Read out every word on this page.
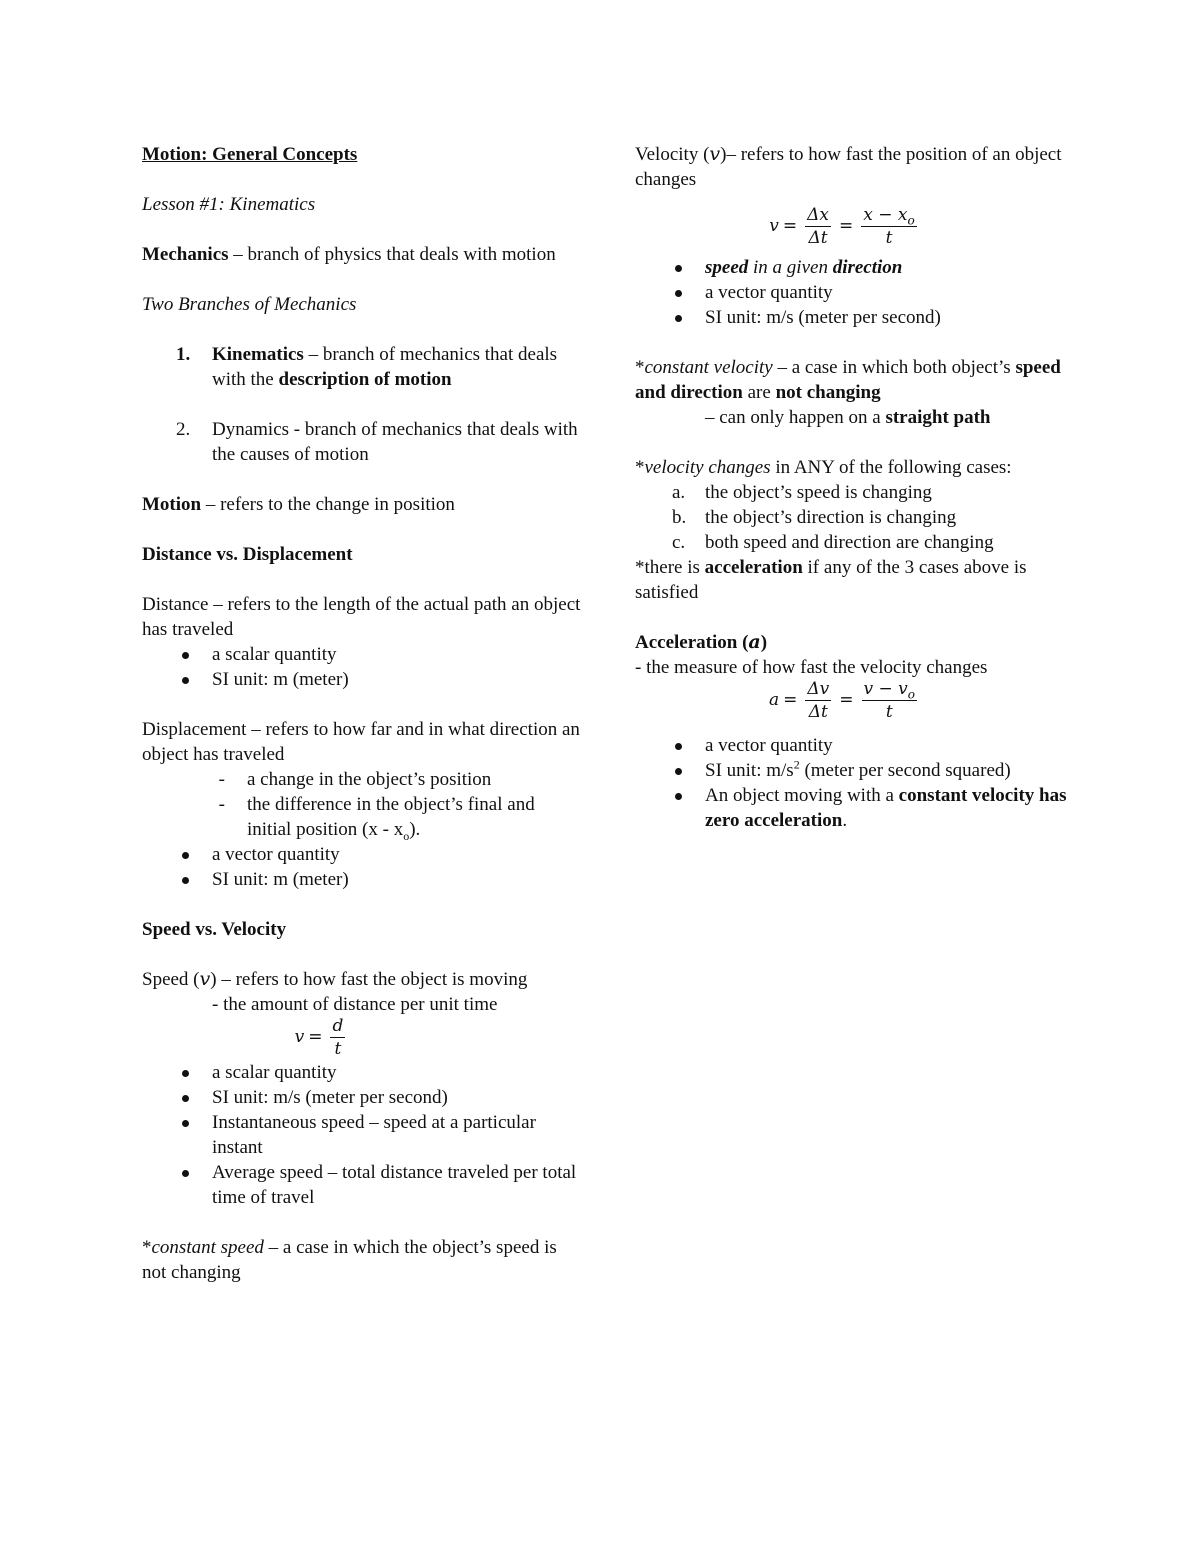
Motion: General Concepts

Lesson #1: Kinematics

Mechanics – branch of physics that deals with motion

Two Branches of Mechanics

1.	Kinematics – branch of mechanics that deals with the description of motion
2.	Dynamics - branch of mechanics that deals with the causes of motion

Motion – refers to the change in position

Distance vs. Displacement

Distance – refers to the length of the actual path an object has traveled

a scalar quantity
SI unit: m (meter)

Displacement – refers to how far and in what direction an object has traveled

-	a change in the object’s position
-	the difference in the object’s final and initial position $(x - x_o)$.
a vector quantity
SI unit: m (meter)

Speed vs. Velocity

Speed (v) – refers to how fast the object is moving

- the amount of distance per unit time

$v = \frac{d}{t}$
a scalar quantity
SI unit: m/s (meter per second)
Instantaneous speed – speed at a particular instant
Average speed – total distance traveled per total time of travel

*constant speed – a case in which the object’s speed is not changing

Velocity (v)– refers to how fast the position of an object changes

$v = \frac{\Delta x}{\Delta t} = \frac{x - x_o}{t}$
speed in a given direction
a vector quantity
SI unit: m/s (meter per second)

*constant velocity – a case in which both object’s speed and direction are not changing

– can only happen on a straight path

*velocity changes in ANY of the following cases:

a.	the object’s speed is changing
b. the object’s direction is changing
c.	both speed and direction are changing

*there is acceleration if any of the 3 cases above is satisfied

Acceleration (a)

- the measure of how fast the velocity changes

$a = \frac{\Delta v}{\Delta t} = \frac{v - v_o}{t}$
a vector quantity
SI unit: $m/s^2$ (meter per second squared)
An object moving with a constant velocity has zero acceleration.
